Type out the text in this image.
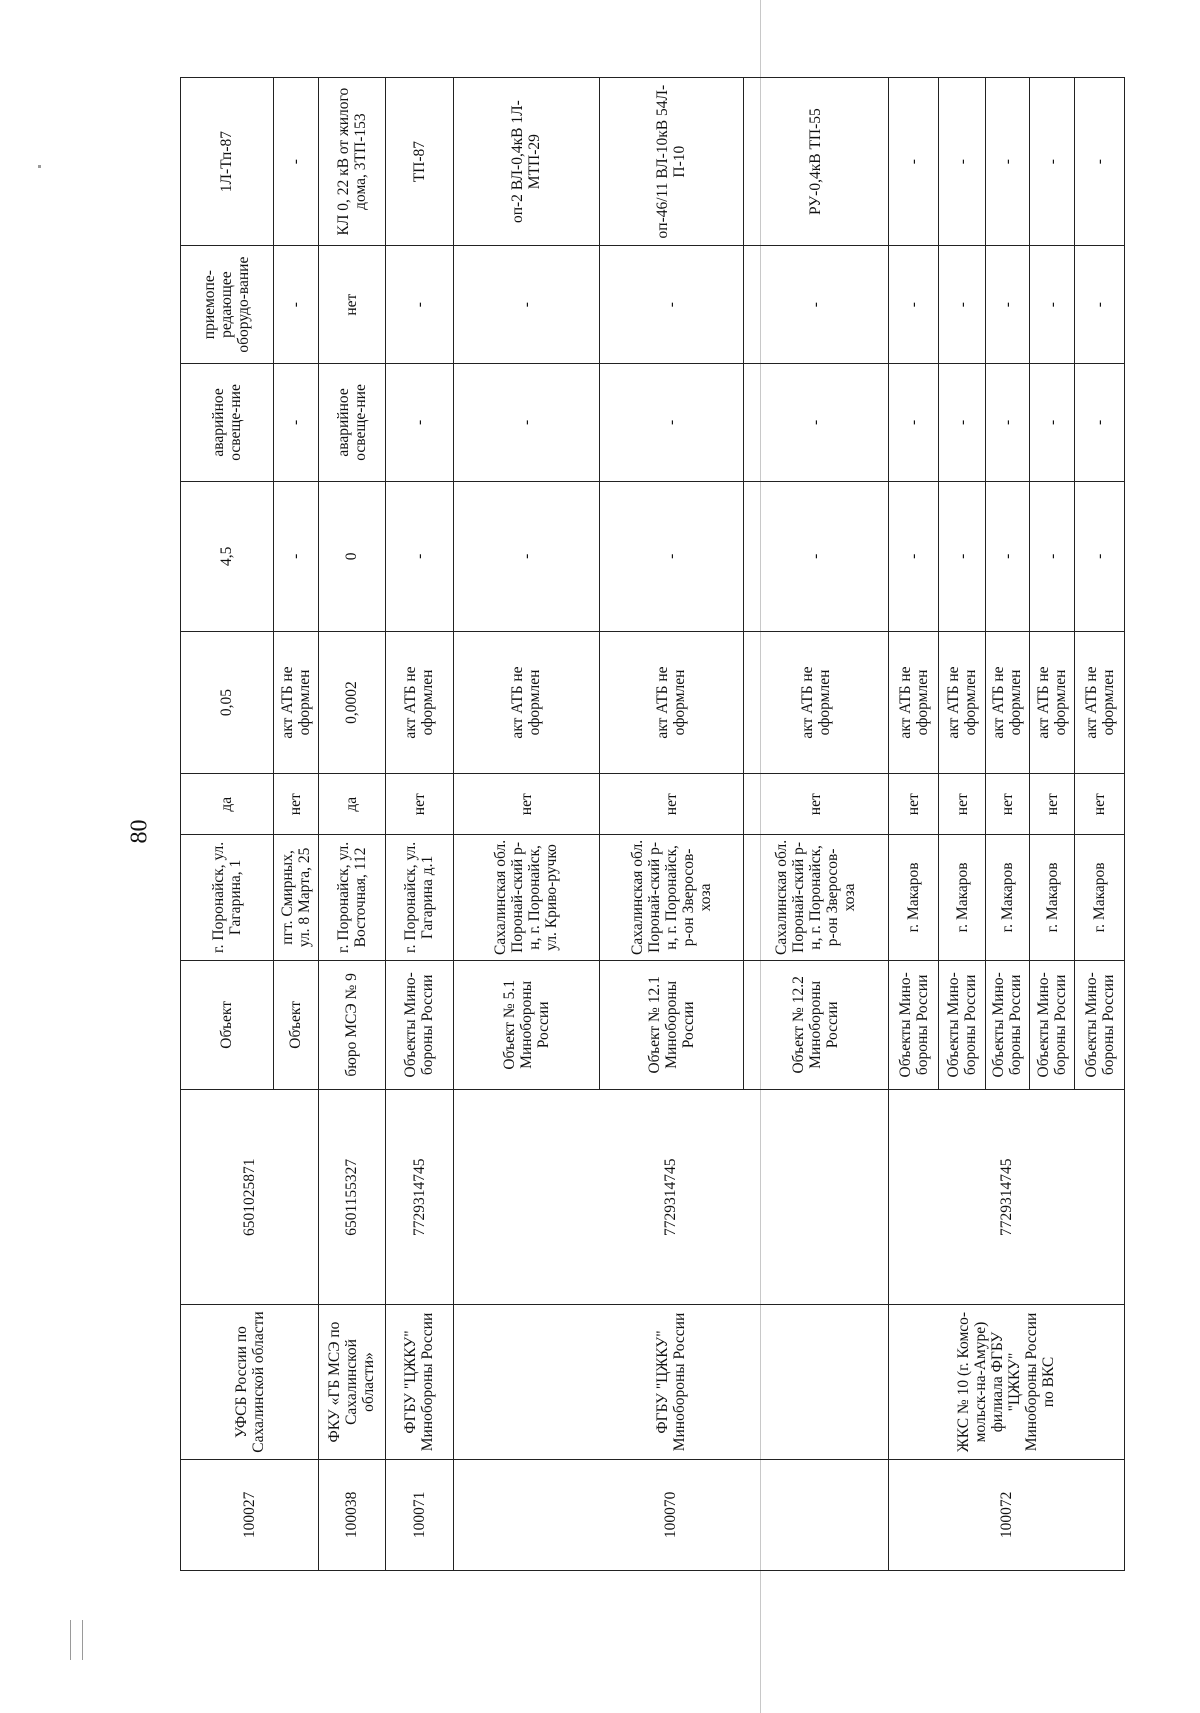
80
100027	УФСБ России по Сахалинской области	6501025871	Объект	г. Поронайск, ул. Гагарина, 1	да	0,05	4,5	аварийное освеще-ние	приемопе-редающее оборудо-вание	1Л-Тп-87
			Объект	пгт. Смирных, ул. 8 Марта, 25	нет	акт АТБ не оформлен	-	-	-	-
100038	ФКУ «ГБ МСЭ по Сахалинской области»	6501155327	бюро МСЭ № 9	г. Поронайск, ул. Восточная, 112	да	0,0002	0	аварийное освеще-ние	нет	КЛ 0, 22 кВ от жилого дома, 3ТП-153
100071	ФГБУ "ЦЖКУ" Минобороны России	7729314745	Объекты Мино-бороны России	г. Поронайск, ул. Гагарина д.1	нет	акт АТБ не оформлен	-	-	-	ТП-87
100070	ФГБУ "ЦЖКУ" Минобороны России	7729314745	Объект № 5.1 Минобороны России	Сахалинская обл. Поронай-ский р-н, г. Поронайск, ул. Криво-ручко	нет	акт АТБ не оформлен	-	-	-	оп-2 ВЛ-0,4кВ 1Л-МТП-29
			Объект № 12.1 Минобороны России	Сахалинская обл. Поронай-ский р-н, г. Поронайск, р-он Зверосов-хоза	нет	акт АТБ не оформлен	-	-	-	оп-46/11 ВЛ-10кВ 54Л-П-10
			Объект № 12.2 Минобороны России	Сахалинская обл. Поронай-ский р-н, г. Поронайск, р-он Зверосов-хоза	нет	акт АТБ не оформлен	-	-	-	РУ-0,4кВ ТП-55
100072	ЖКС № 10 (г. Комсо-мольск-на-Амуре) филиала ФГБУ "ЦЖКУ" Минобороны России по ВКС	7729314745	Объекты Мино-бороны России	г. Макаров	нет	акт АТБ не оформлен	-	-	-	-
			Объекты Мино-бороны России	г. Макаров	нет	акт АТБ не оформлен	-	-	-	-
			Объекты Мино-бороны России	г. Макаров	нет	акт АТБ не оформлен	-	-	-	-
			Объекты Мино-бороны России	г. Макаров	нет	акт АТБ не оформлен	-	-	-	-
			Объекты Мино-бороны России	г. Макаров	нет	акт АТБ не оформлен	-	-	-	-
